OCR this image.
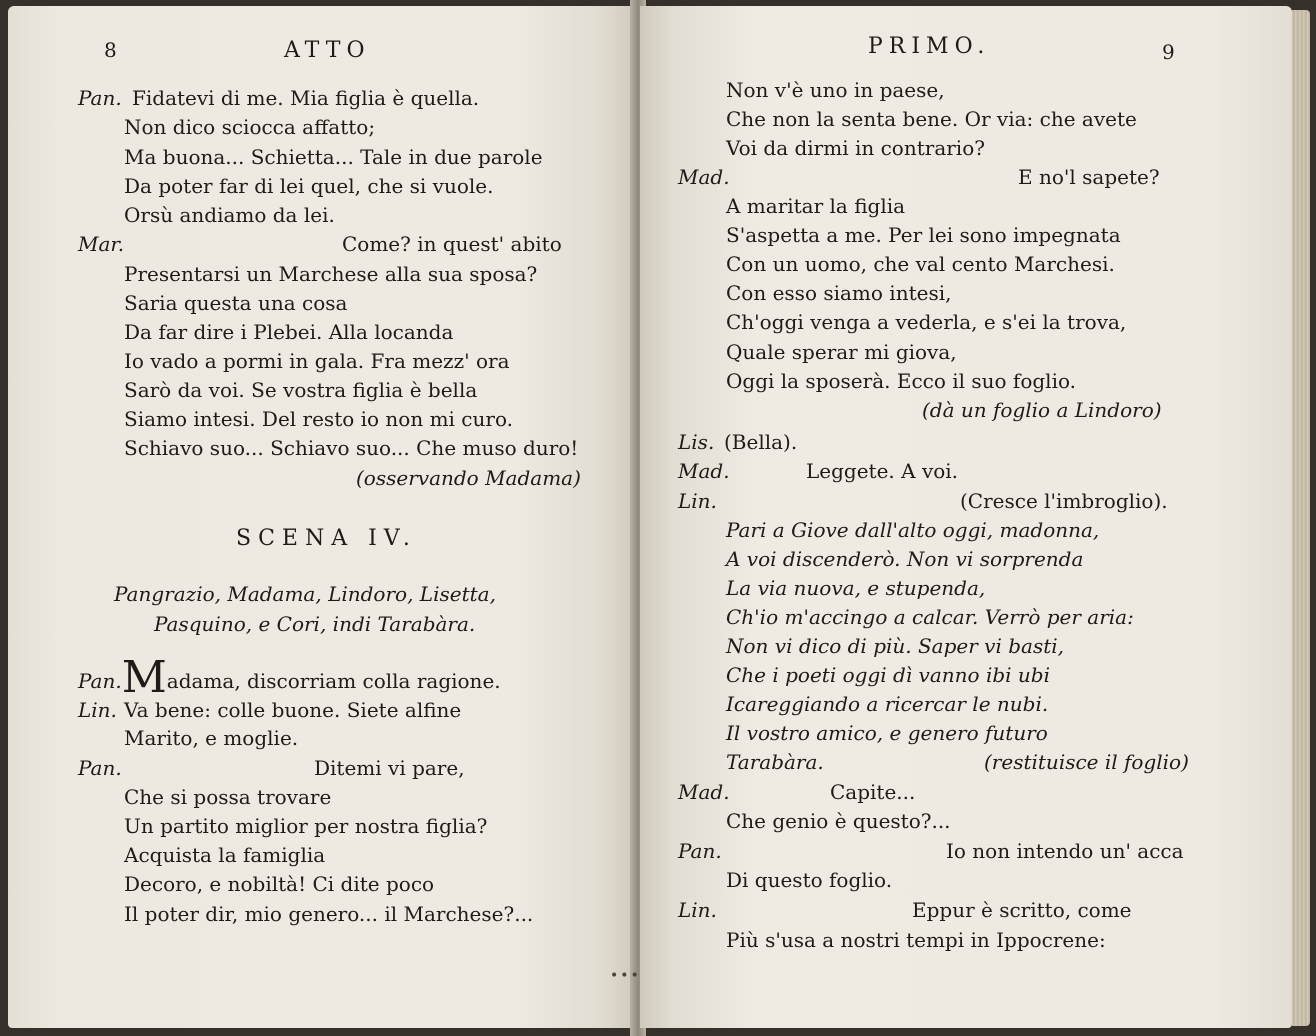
8	ATTO
Pan. Fidatevi di me. Mia figlia è quella.
Non dico sciocca affatto;
Ma buona... Schietta... Tale in due parole
Da poter far di lei quel, che si vuole.
Orsù andiamo da lei.
Mar.	Come? in quest' abito
Presentarsi un Marchese alla sua sposa?
Saria questa una cosa
Da far dire i Plebei. Alla locanda
Io vado a pormi in gala. Fra mezz' ora
Sarò da voi. Se vostra figlia è bella
Siamo intesi. Del resto io non mi curo.
Schiavo suo... Schiavo suo... Che muso duro!
(osservando Madama)
SCENA IV.
Pangrazio, Madama, Lindoro, Lisetta,
Pasquino, e Cori, indi Tarabàra.
Pan.Madama, discorriam colla ragione.
Lin. Va bene: colle buone. Siete alfine
Marito, e moglie.
Pan.	Ditemi vi pare,
Che si possa trovare
Un partito miglior per nostra figlia?
Acquista la famiglia
Decoro, e nobiltà! Ci dite poco
Il poter dir, mio genero... il Marchese?...
PRIMO.	9
Non v'è uno in paese,
Che non la senta bene. Or via: che avete
Voi da dirmi in contrario?
Mad.	E no'l sapete?
A maritar la figlia
S'aspetta a me. Per lei sono impegnata
Con un uomo, che val cento Marchesi.
Con esso siamo intesi,
Ch'oggi venga a vederla, e s'ei la trova,
Quale sperar mi giova,
Oggi la sposerà. Ecco il suo foglio.
(dà un foglio a Lindoro)
Lis. (Bella).
Mad.	Leggete. A voi.
Lin.	(Cresce l'imbroglio).
Pari a Giove dall'alto oggi, madonna,
A voi discenderò. Non vi sorprenda
La via nuova, e stupenda,
Ch'io m'accingo a calcar. Verrò per aria:
Non vi dico di più. Saper vi basti,
Che i poeti oggi dì vanno ibi ubi
Icareggiando a ricercar le nubi.
Il vostro amico, e genero futuro
Tarabàra.	(restituisce il foglio)
Mad.	Capite...
Che genio è questo?...
Pan.	Io non intendo un' acca
Di questo foglio.
Lin.	Eppur è scritto, come
Più s'usa a nostri tempi in Ippocrene:
•••
